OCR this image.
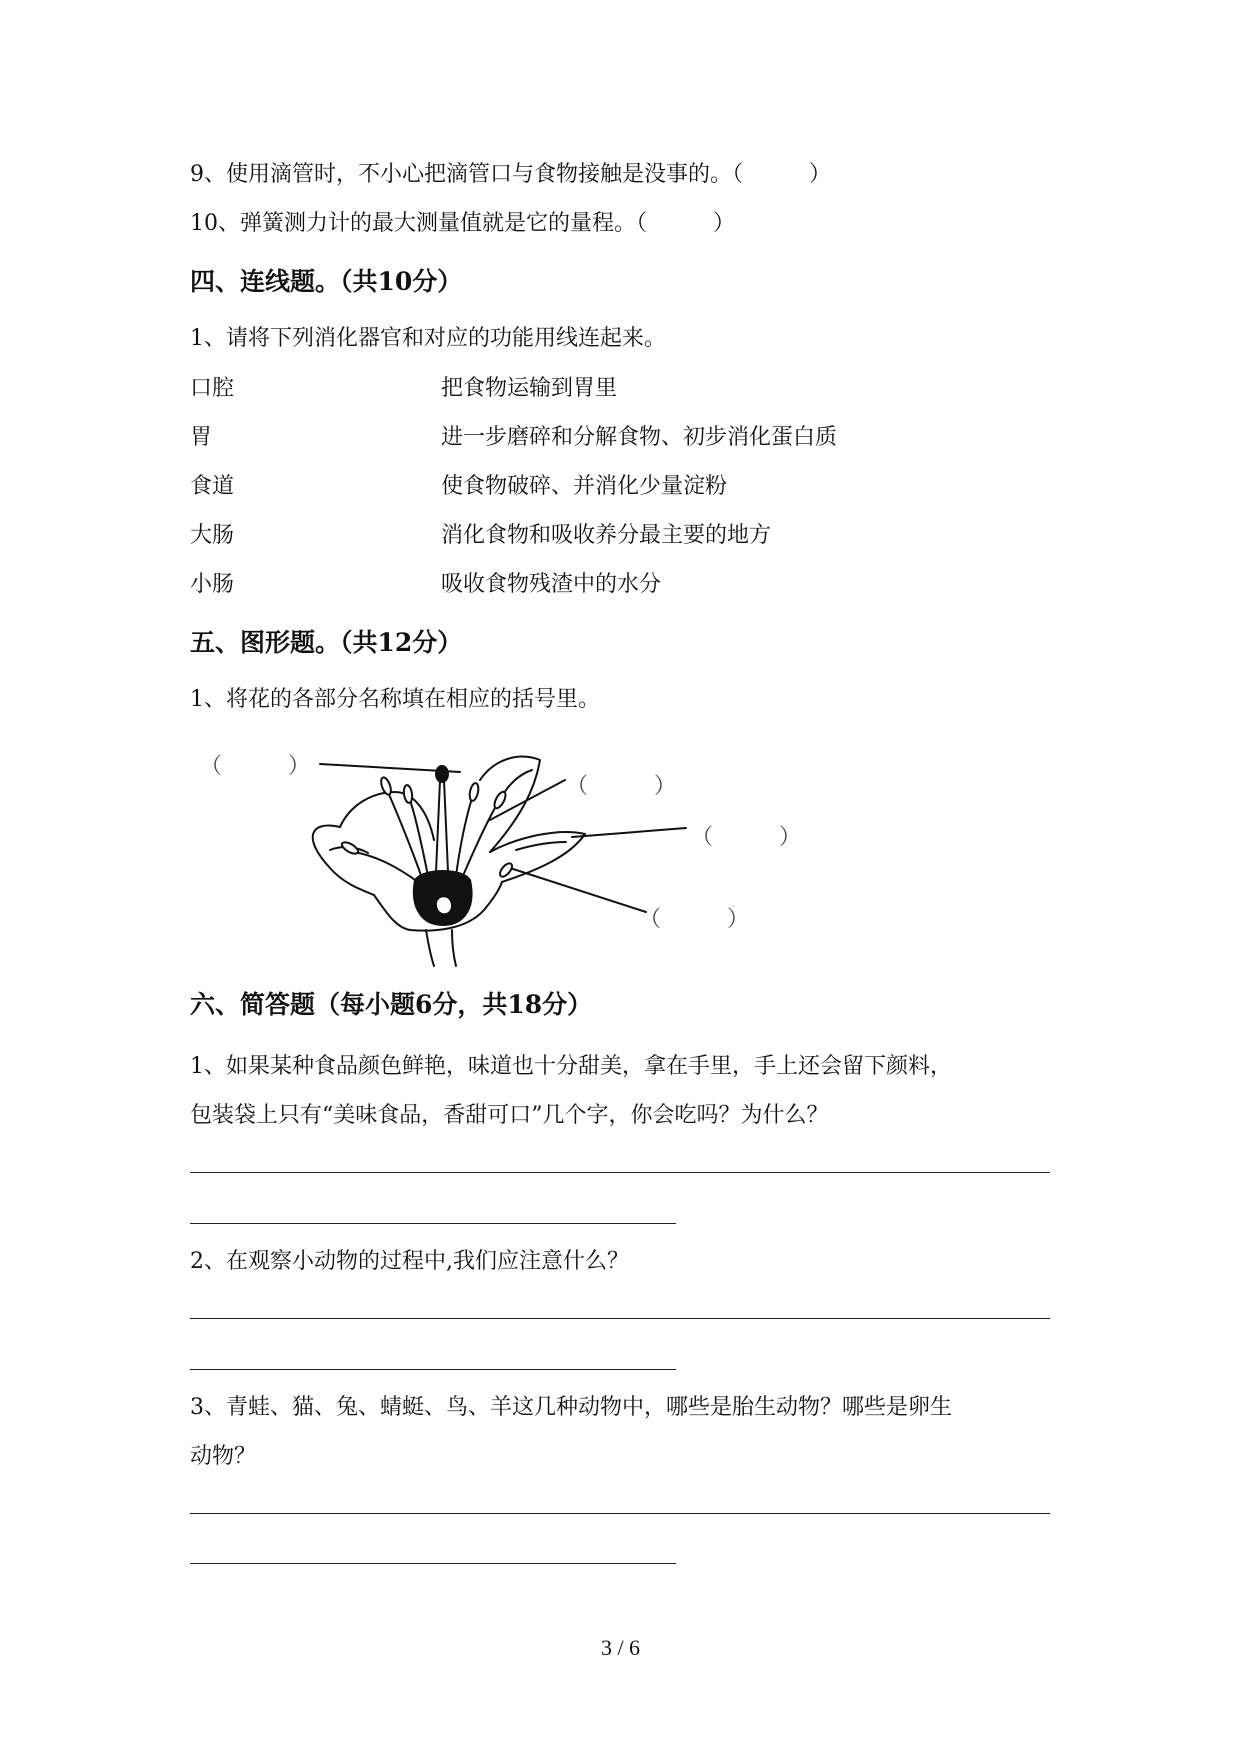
9、使用滴管时，不小心把滴管口与食物接触是没事的。（　　　）
10、弹簧测力计的最大测量值就是它的量程。（　　　）
四、连线题。（共10分）
1、请将下列消化器官和对应的功能用线连起来。
口腔	把食物运输到胃里
胃	进一步磨碎和分解食物、初步消化蛋白质
食道	使食物破碎、并消化少量淀粉
大肠	消化食物和吸收养分最主要的地方
小肠	吸收食物残渣中的水分
五、图形题。（共12分）
1、将花的各部分名称填在相应的括号里。
（　　　）
（　　　）
（　　　）
（　　　）
六、简答题（每小题6分，共18分）
1、如果某种食品颜色鲜艳，味道也十分甜美，拿在手里，手上还会留下颜料，
包装袋上只有“美味食品，香甜可口”几个字，你会吃吗？为什么？
2、在观察小动物的过程中,我们应注意什么？
3、青蛙、猫、兔、蜻蜓、鸟、羊这几种动物中，哪些是胎生动物？哪些是卵生
动物？
3 / 6
